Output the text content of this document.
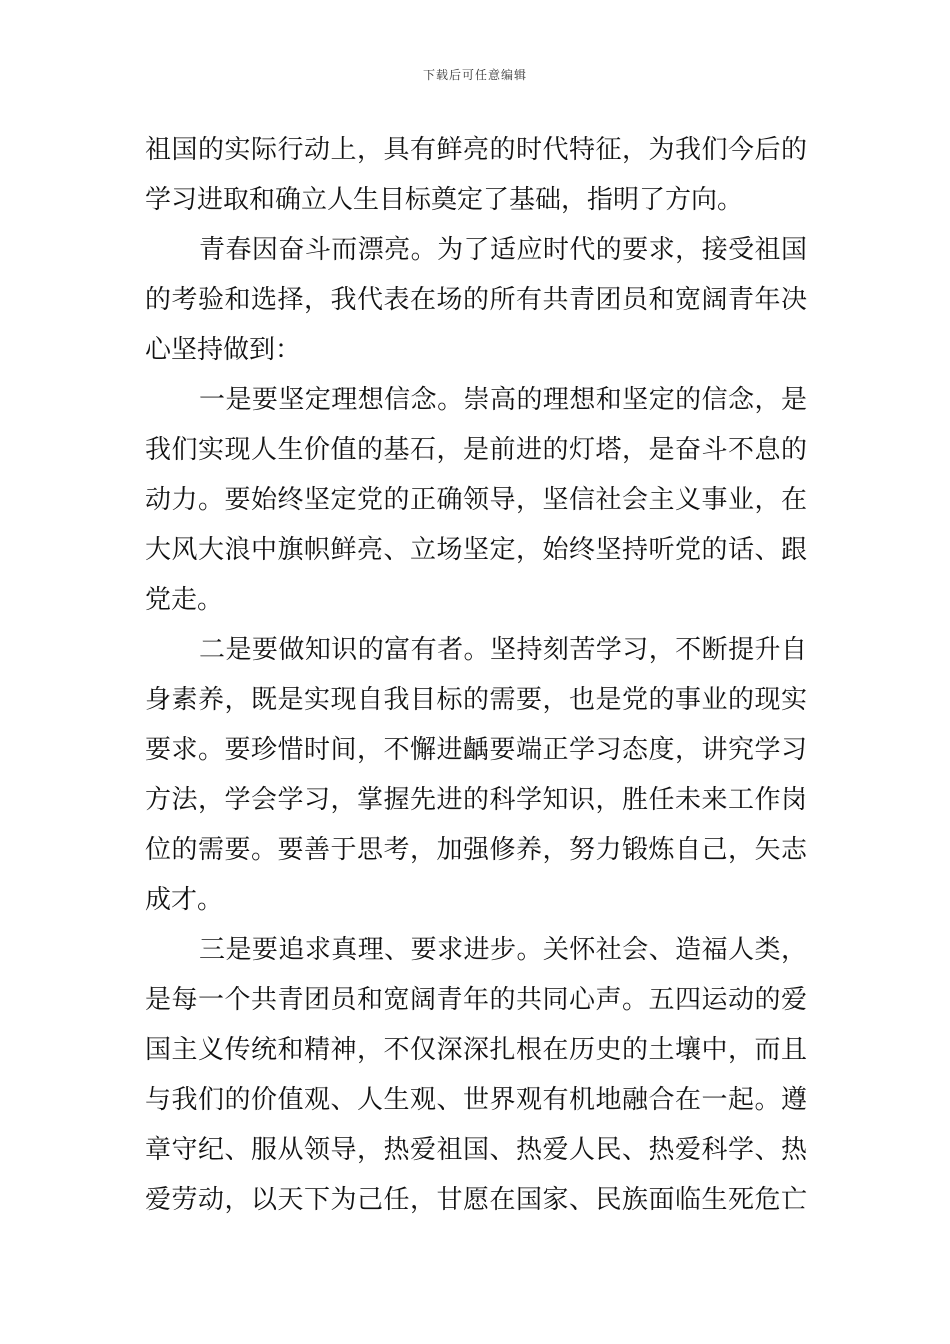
下载后可任意编辑
祖国的实际行动上，具有鲜亮的时代特征，为我们今后的
学习进取和确立人生目标奠定了基础，指明了方向。
青春因奋斗而漂亮。为了适应时代的要求，接受祖国
的考验和选择，我代表在场的所有共青团员和宽阔青年决
心坚持做到：
一是要坚定理想信念。崇高的理想和坚定的信念，是
我们实现人生价值的基石，是前进的灯塔，是奋斗不息的
动力。要始终坚定党的正确领导，坚信社会主义事业，在
大风大浪中旗帜鲜亮、立场坚定，始终坚持听党的话、跟
党走。
二是要做知识的富有者。坚持刻苦学习，不断提升自
身素养，既是实现自我目标的需要，也是党的事业的现实
要求。要珍惜时间，不懈进齲要端正学习态度，讲究学习
方法，学会学习，掌握先进的科学知识，胜任未来工作岗
位的需要。要善于思考，加强修养，努力锻炼自己，矢志
成才。
三是要追求真理、要求进步。关怀社会、造福人类，
是每一个共青团员和宽阔青年的共同心声。五四运动的爱
国主义传统和精神，不仅深深扎根在历史的土壤中，而且
与我们的价值观、人生观、世界观有机地融合在一起。遵
章守纪、服从领导，热爱祖国、热爱人民、热爱科学、热
爱劳动，以天下为己任，甘愿在国家、民族面临生死危亡
